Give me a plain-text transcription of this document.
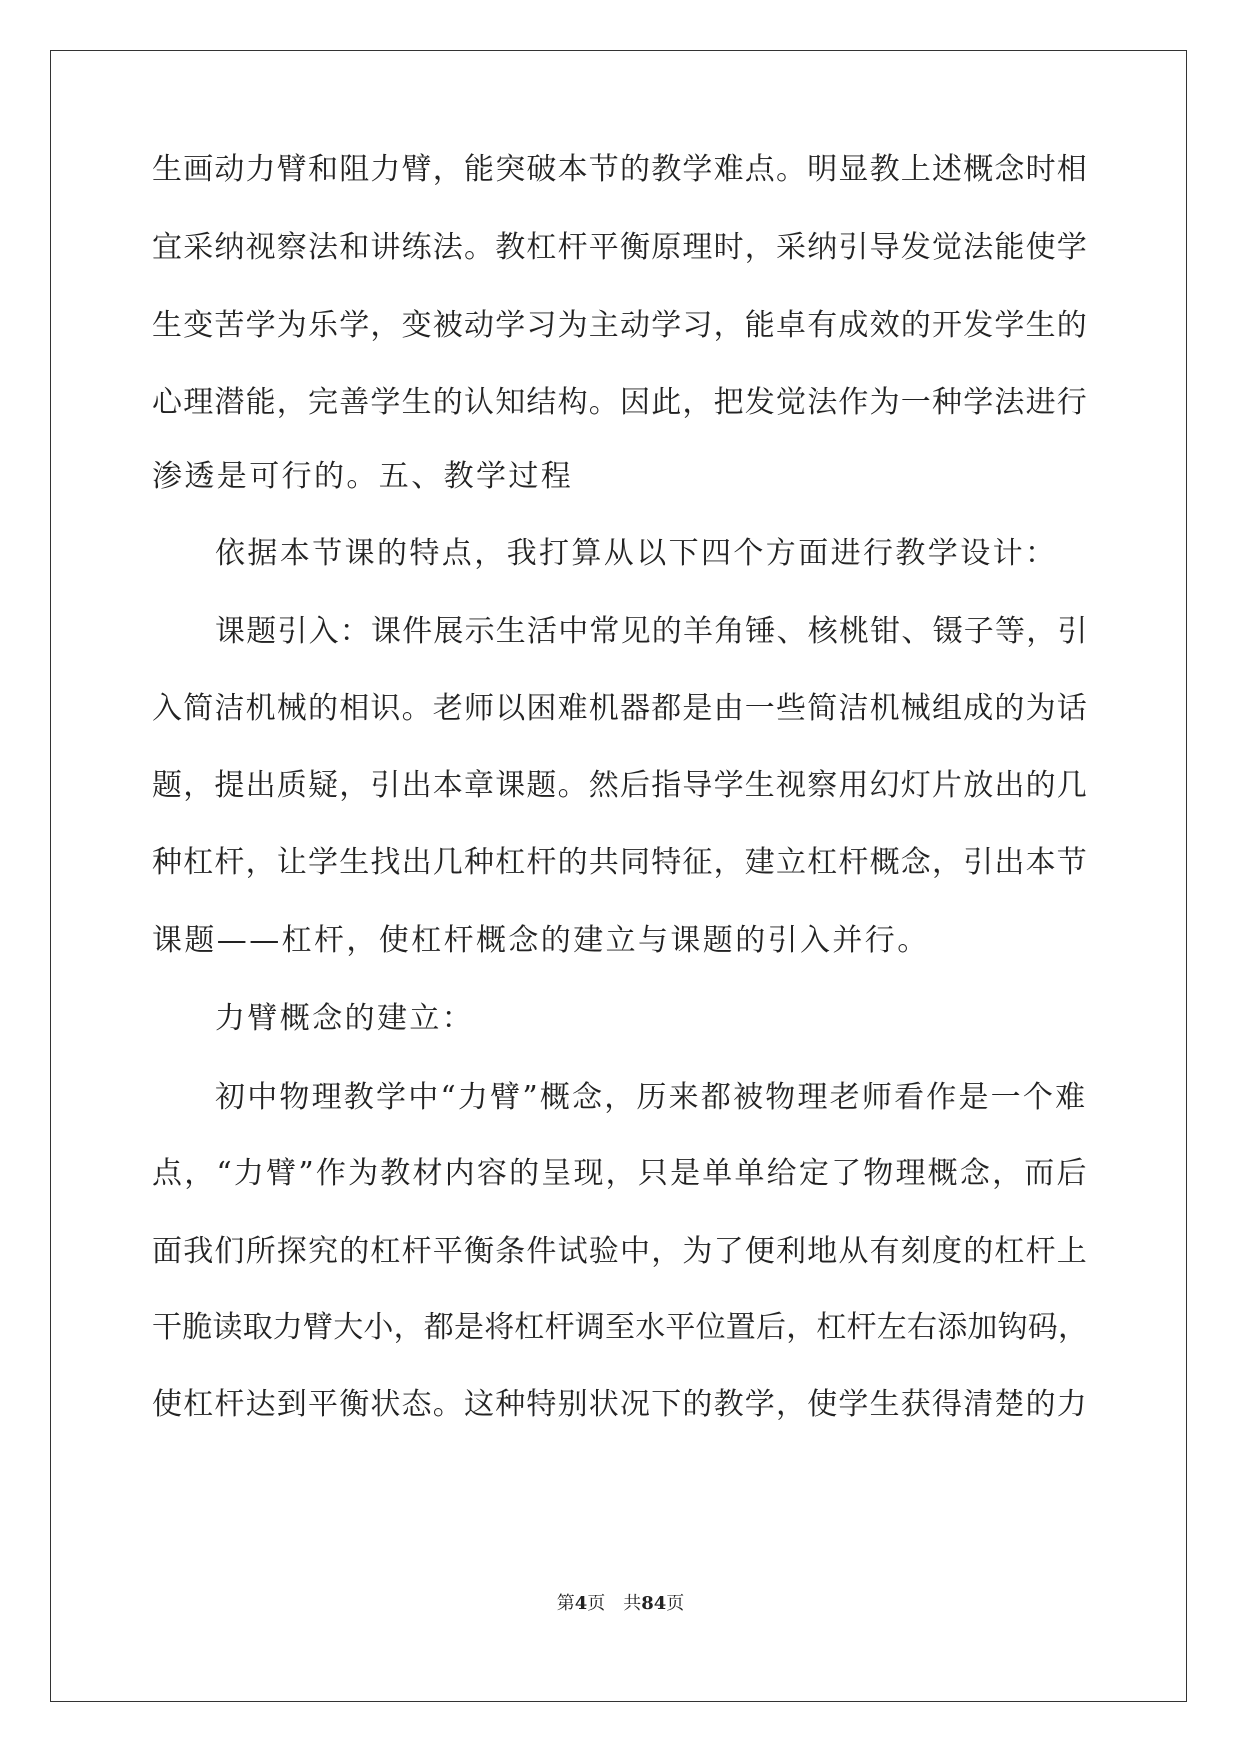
生画动力臂和阻力臂，能突破本节的教学难点。明显教上述概念时相
宜采纳视察法和讲练法。教杠杆平衡原理时，采纳引导发觉法能使学
生变苦学为乐学，变被动学习为主动学习，能卓有成效的开发学生的
心理潜能，完善学生的认知结构。因此，把发觉法作为一种学法进行
渗透是可行的。五、教学过程
依据本节课的特点，我打算从以下四个方面进行教学设计：
课题引入：课件展示生活中常见的羊角锤、核桃钳、镊子等，引
入简洁机械的相识。老师以困难机器都是由一些简洁机械组成的为话
题，提出质疑，引出本章课题。然后指导学生视察用幻灯片放出的几
种杠杆，让学生找出几种杠杆的共同特征，建立杠杆概念，引出本节
课题——杠杆，使杠杆概念的建立与课题的引入并行。
力臂概念的建立：
初中物理教学中“力臂”概念，历来都被物理老师看作是一个难
点，“力臂”作为教材内容的呈现，只是单单给定了物理概念，而后
面我们所探究的杠杆平衡条件试验中，为了便利地从有刻度的杠杆上
干脆读取力臂大小，都是将杠杆调至水平位置后，杠杆左右添加钩码，
使杠杆达到平衡状态。这种特别状况下的教学，使学生获得清楚的力
第4页　共84页
